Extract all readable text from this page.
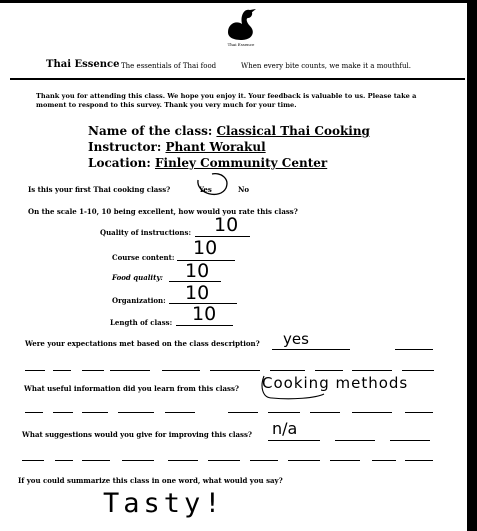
Thai Essence
Thai Essence The essentials of Thai food	When every bite counts, we make it a mouthful.
Thank you for attending this class. We hope you enjoy it. Your feedback is valuable to us. Please take a moment to respond to this survey. Thank you very much for your time.
Name of the class: Classical Thai Cooking
Instructor: Phant Worakul
Location: Finley Community Center
Is this your first Thai cooking class?	Yes	No
On the scale 1-10, 10 being excellent, how would you rate this class?
Quality of instructions: 10
Course content: 10
Food quality: 10
Organization: 10
Length of class: 10
Were your expectations met based on the class description? yes
What useful information did you learn from this class? Cooking methods
What suggestions would you give for improving this class? n/a
If you could summarize this class in one word, what would you say?
Tasty!
